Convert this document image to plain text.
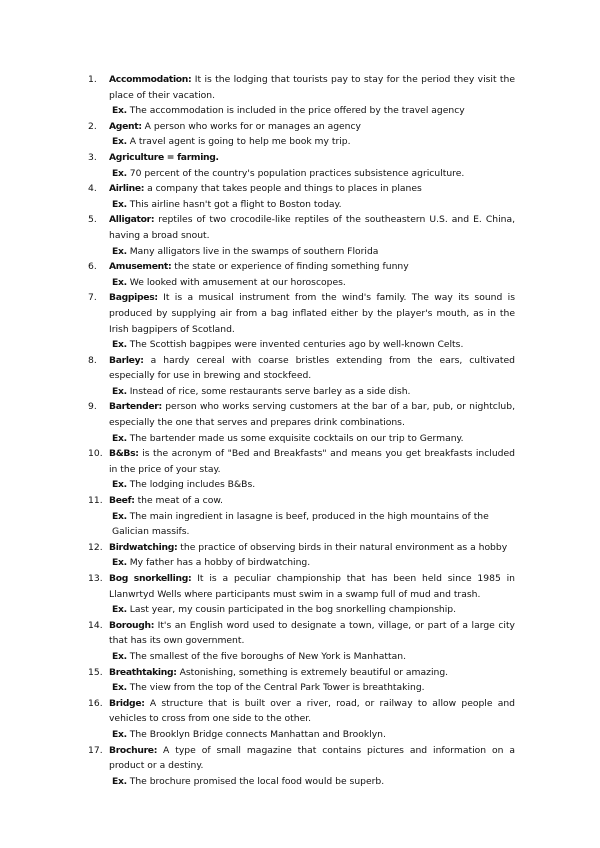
1.	Accommodation: It is the lodging that tourists pay to stay for the period they visit the place of their vacation.
Ex. The accommodation is included in the price offered by the travel agency
2.	Agent: A person who works for or manages an agency
Ex. A travel agent is going to help me book my trip.
3.	Agriculture = farming.
Ex. 70 percent of the country's population practices subsistence agriculture.
4.	Airline: a company that takes people and things to places in planes
Ex. This airline hasn't got a flight to Boston today.
5.	Alligator: reptiles of two crocodile-like reptiles of the southeastern U.S. and E. China, having a broad snout.
Ex. Many alligators live in the swamps of southern Florida
6.	Amusement: the state or experience of finding something funny
Ex. We looked with amusement at our horoscopes.
7.	Bagpipes: It is a musical instrument from the wind's family. The way its sound is produced by supplying air from a bag inflated either by the player's mouth, as in the Irish bagpipers of Scotland.
Ex. The Scottish bagpipes were invented centuries ago by well-known Celts.
8.	Barley: a hardy cereal with coarse bristles extending from the ears, cultivated especially for use in brewing and stockfeed.
Ex. Instead of rice, some restaurants serve barley as a side dish.
9.	Bartender: person who works serving customers at the bar of a bar, pub, or nightclub, especially the one that serves and prepares drink combinations.
Ex. The bartender made us some exquisite cocktails on our trip to Germany.
10. B&Bs: is the acronym of "Bed and Breakfasts" and means you get breakfasts included in the price of your stay.
Ex. The lodging includes B&Bs.
11. Beef: the meat of a cow.
Ex. The main ingredient in lasagne is beef, produced in the high mountains of the Galician massifs.
12. Birdwatching: the practice of observing birds in their natural environment as a hobby
Ex. My father has a hobby of birdwatching.
13. Bog snorkelling: It is a peculiar championship that has been held since 1985 in Llanwrtyd Wells where participants must swim in a swamp full of mud and trash.
Ex. Last year, my cousin participated in the bog snorkelling championship.
14. Borough: It's an English word used to designate a town, village, or part of a large city that has its own government.
Ex. The smallest of the five boroughs of New York is Manhattan.
15. Breathtaking: Astonishing, something is extremely beautiful or amazing.
Ex. The view from the top of the Central Park Tower is breathtaking.
16. Bridge: A structure that is built over a river, road, or railway to allow people and vehicles to cross from one side to the other.
Ex. The Brooklyn Bridge connects Manhattan and Brooklyn.
17. Brochure: A type of small magazine that contains pictures and information on a product or a destiny.
Ex. The brochure promised the local food would be superb.
